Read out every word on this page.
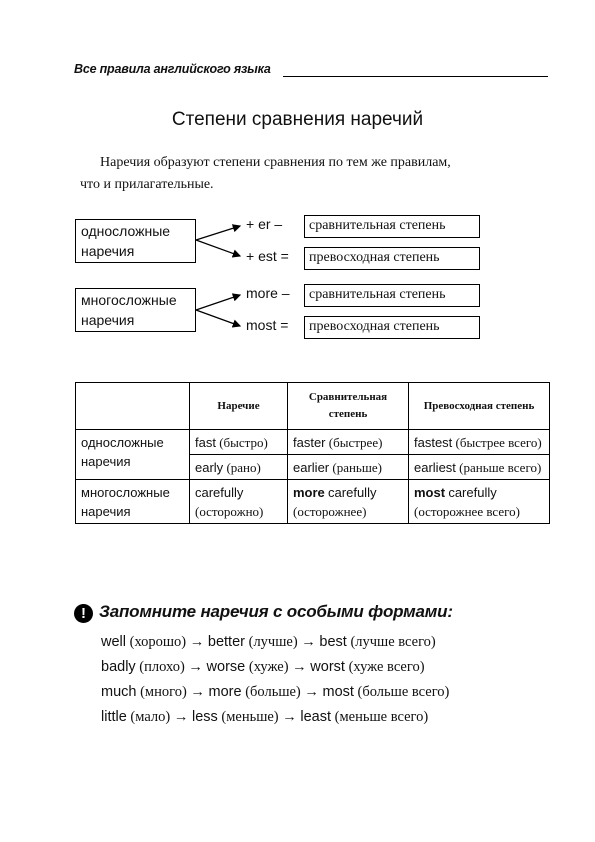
Все правила английского языка
Степени сравнения наречий
Наречия образуют степени сравнения по тем же правилам,
что и прилагательные.
односложные
наречия
+ er –
+ est =
сравнительная степень
превосходная степень
многосложные
наречия
more –
most =
сравнительная степень
превосходная степень
	Наречие	Сравнительная степень	Превосходная степень
односложные наречия	fast (быстро)	faster (быстрее)	fastest (быстрее всего)
	early (рано)	earlier (раньше)	earliest (раньше всего)
многосложные наречия	carefully (осторожно)	more carefully (осторожнее)	most carefully (осторожнее всего)
! Запомните наречия с особыми формами:
well (хорошо) → better (лучше) → best (лучше всего)
badly (плохо) → worse (хуже) → worst (хуже всего)
much (много) → more (больше) → most (больше всего)
little (мало) → less (меньше) → least (меньше всего)
